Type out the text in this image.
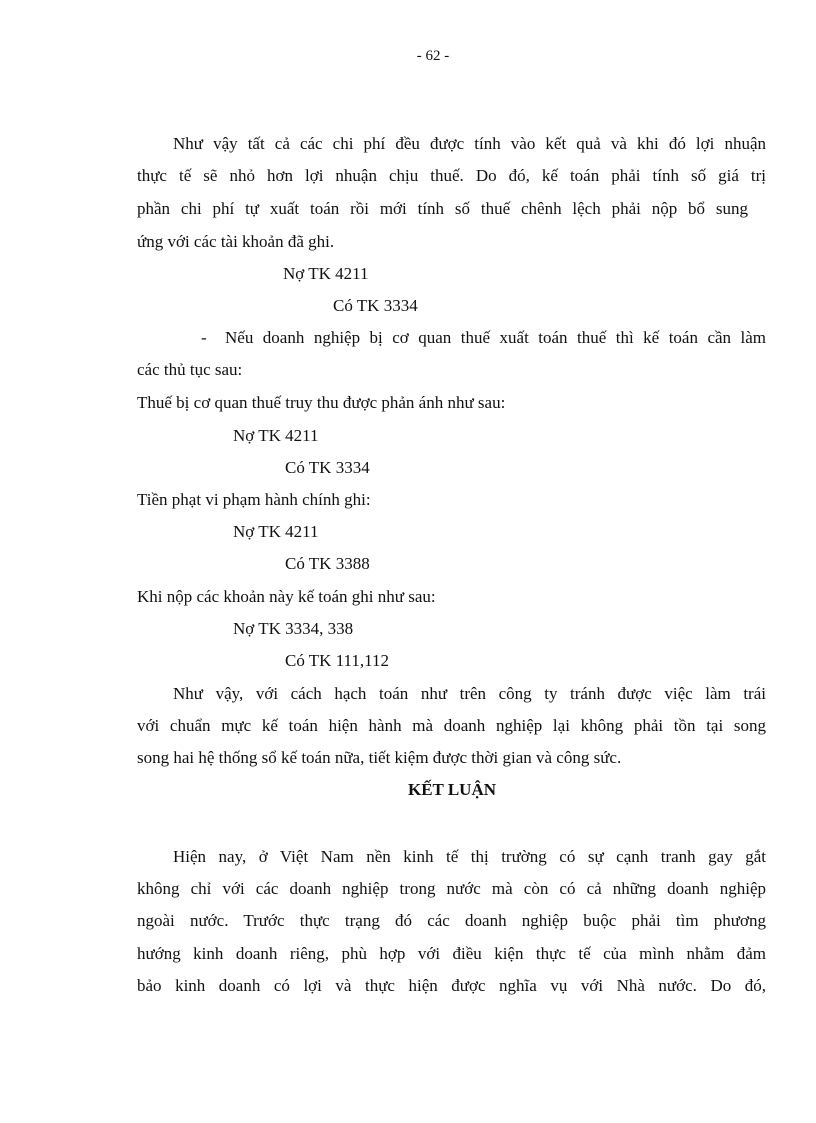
- 62 -
Như vậy tất cả các chi phí đều được tính vào kết quả và khi đó lợi nhuận
thực tế sẽ nhỏ hơn lợi nhuận chịu thuế. Do đó, kế toán phải tính số giá trị
phần chi phí tự xuất toán rồi mới tính số thuế chênh lệch phải nộp bổ sung
ứng với các tài khoản đã ghi.
Nợ TK 4211
Có TK 3334
- Nếu doanh nghiệp bị cơ quan thuế xuất toán thuế thì kế toán cần làm
các thủ tục sau:
Thuế bị cơ quan thuế truy thu được phản ánh như sau:
Nợ TK 4211
Có TK 3334
Tiền phạt vi phạm hành chính ghi:
Nợ TK 4211
Có TK 3388
Khi nộp các khoản này kế toán ghi như sau:
Nợ TK 3334, 338
Có TK 111,112
Như vậy, với cách hạch toán như trên công ty tránh được việc làm trái
với chuẩn mực kế toán hiện hành mà doanh nghiệp lại không phải tồn tại song
song hai hệ thống sổ kế toán nữa, tiết kiệm được thời gian và công sức.
KẾT LUẬN
Hiện nay, ở Việt Nam nền kinh tế thị trường có sự cạnh tranh gay gắt
không chỉ với các doanh nghiệp trong nước mà còn có cả những doanh nghiệp
ngoài nước. Trước thực trạng đó các doanh nghiệp buộc phải tìm phương
hướng kinh doanh riêng, phù hợp với điều kiện thực tế của mình nhằm đảm
bảo kinh doanh có lợi và thực hiện được nghĩa vụ với Nhà nước. Do đó,
